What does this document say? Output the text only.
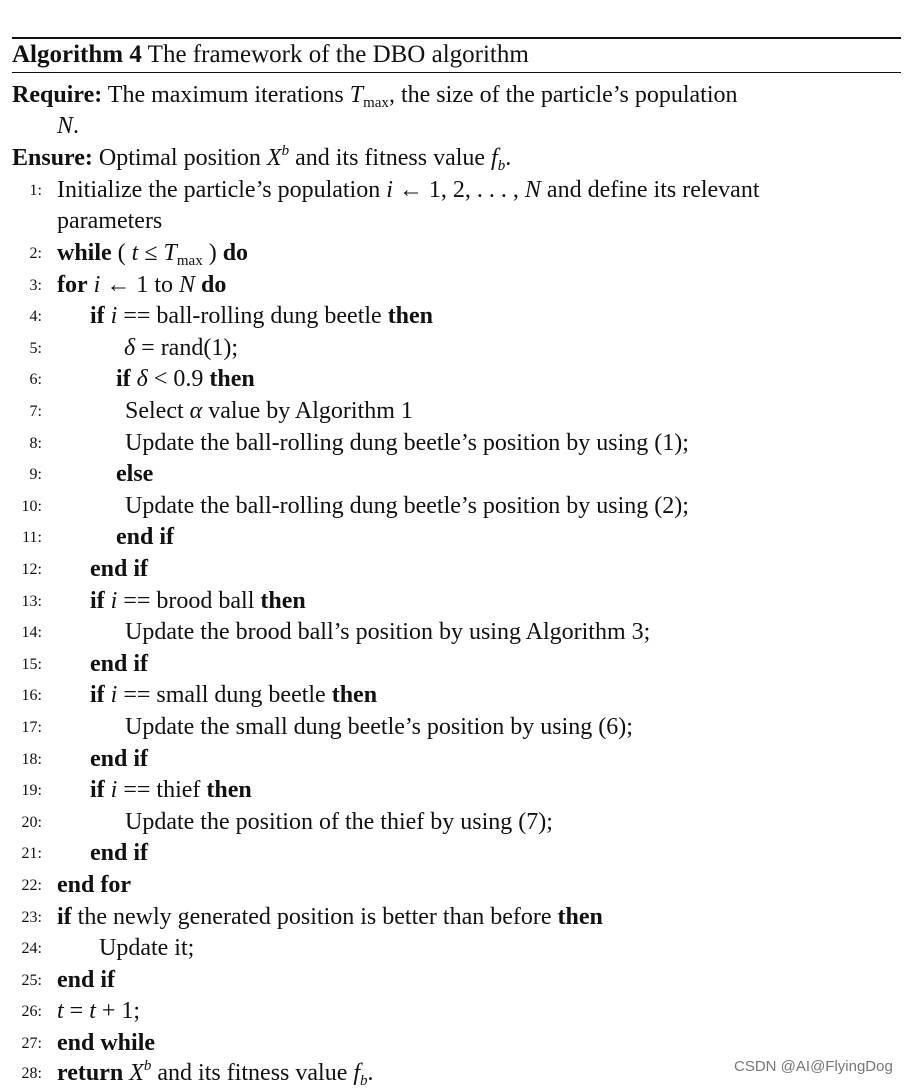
Algorithm 4 The framework of the DBO algorithm
Require: The maximum iterations $T_{max}$, the size of the particle’s population
N.
Ensure: Optimal position $X^b$ and its fitness value $f_b$.
1: Initialize the particle’s population i ← 1, 2, . . . , N and define its relevant
parameters
2: while ( $t \le T_{max}$ ) do
3: for i ← 1 to N do
4: if i == ball-rolling dung beetle then
5:	δ = rand(1);
6:	if δ < 0.9 then
7:	Select α value by Algorithm 1
8:	Update the ball-rolling dung beetle’s position by using (1);
9:	else
10:	Update the ball-rolling dung beetle’s position by using (2);
11:	end if
12: end if
13: if i == brood ball then
14:	Update the brood ball’s position by using Algorithm 3;
15: end if
16: if i == small dung beetle then
17:	Update the small dung beetle’s position by using (6);
18: end if
19: if i == thief then
20:	Update the position of the thief by using (7);
21: end if
22: end for
23: if the newly generated position is better than before then
24: Update it;
25: end if
26: t = t + 1;
27: end while
28: return $X^b$ and its fitness value $f_b$.	CSDN @AI@FlyingDog
